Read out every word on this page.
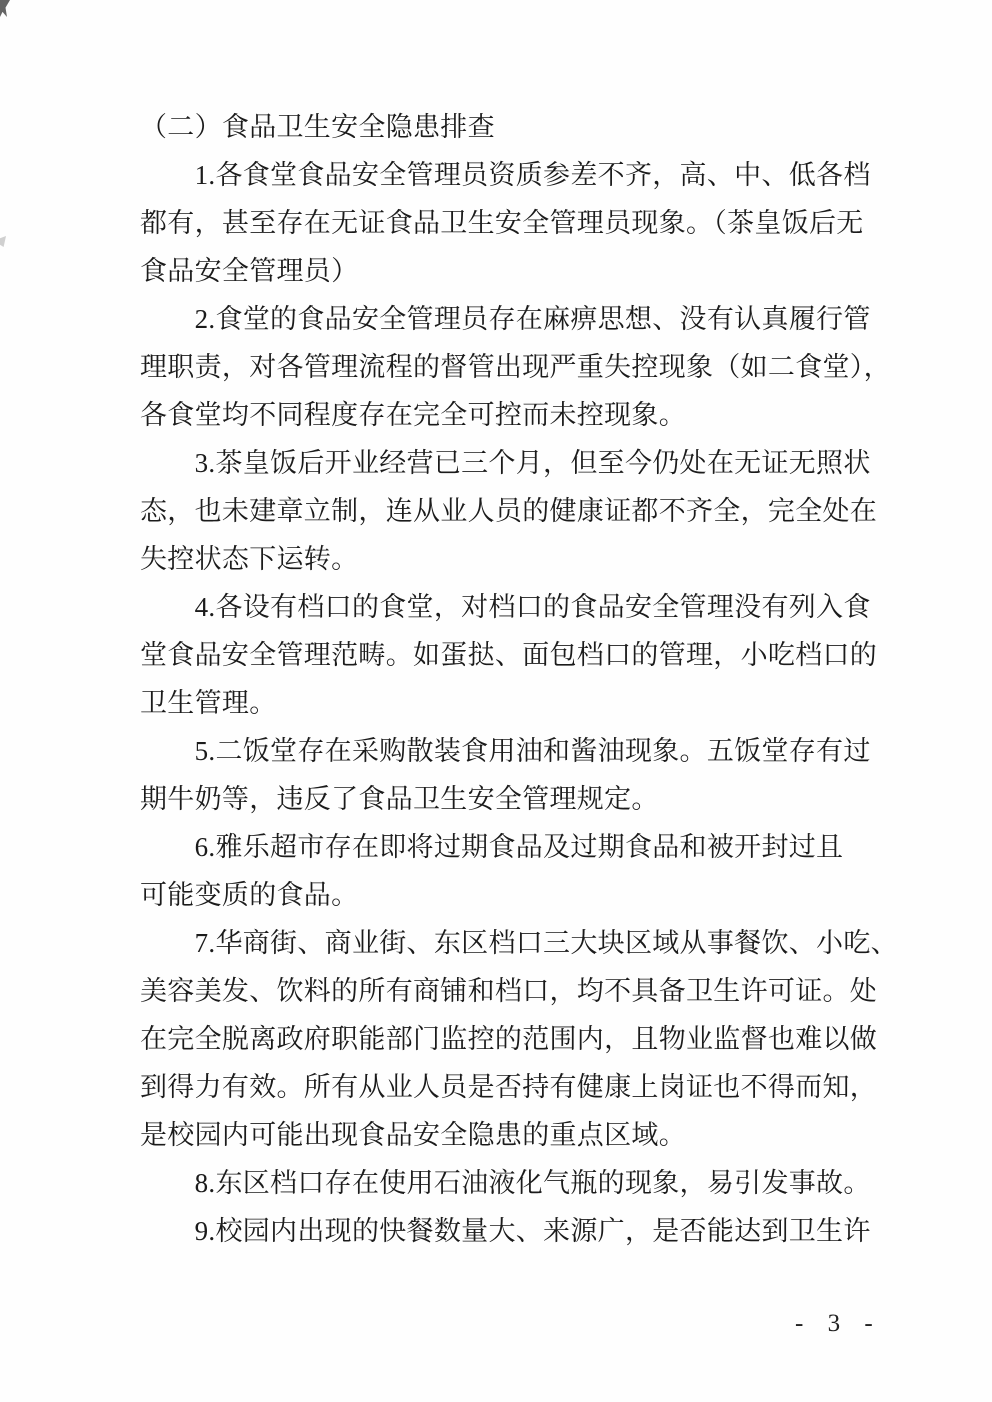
（二）食品卫生安全隐患排查
　　1.各食堂食品安全管理员资质参差不齐，高、中、低各档
都有，甚至存在无证食品卫生安全管理员现象。（茶皇饭后无
食品安全管理员）
　　2.食堂的食品安全管理员存在麻痹思想、没有认真履行管
理职责，对各管理流程的督管出现严重失控现象（如二食堂），
各食堂均不同程度存在完全可控而未控现象。
　　3.茶皇饭后开业经营已三个月，但至今仍处在无证无照状
态，也未建章立制，连从业人员的健康证都不齐全，完全处在
失控状态下运转。
　　4.各设有档口的食堂，对档口的食品安全管理没有列入食
堂食品安全管理范畴。如蛋挞、面包档口的管理，小吃档口的
卫生管理。
　　5.二饭堂存在采购散装食用油和酱油现象。五饭堂存有过
期牛奶等，违反了食品卫生安全管理规定。
　　6.雅乐超市存在即将过期食品及过期食品和被开封过且
可能变质的食品。
　　7.华商街、商业街、东区档口三大块区域从事餐饮、小吃、
美容美发、饮料的所有商铺和档口，均不具备卫生许可证。处
在完全脱离政府职能部门监控的范围内，且物业监督也难以做
到得力有效。所有从业人员是否持有健康上岗证也不得而知，
是校园内可能出现食品安全隐患的重点区域。
　　8.东区档口存在使用石油液化气瓶的现象，易引发事故。
　　9.校园内出现的快餐数量大、来源广，是否能达到卫生许
- 3 -
